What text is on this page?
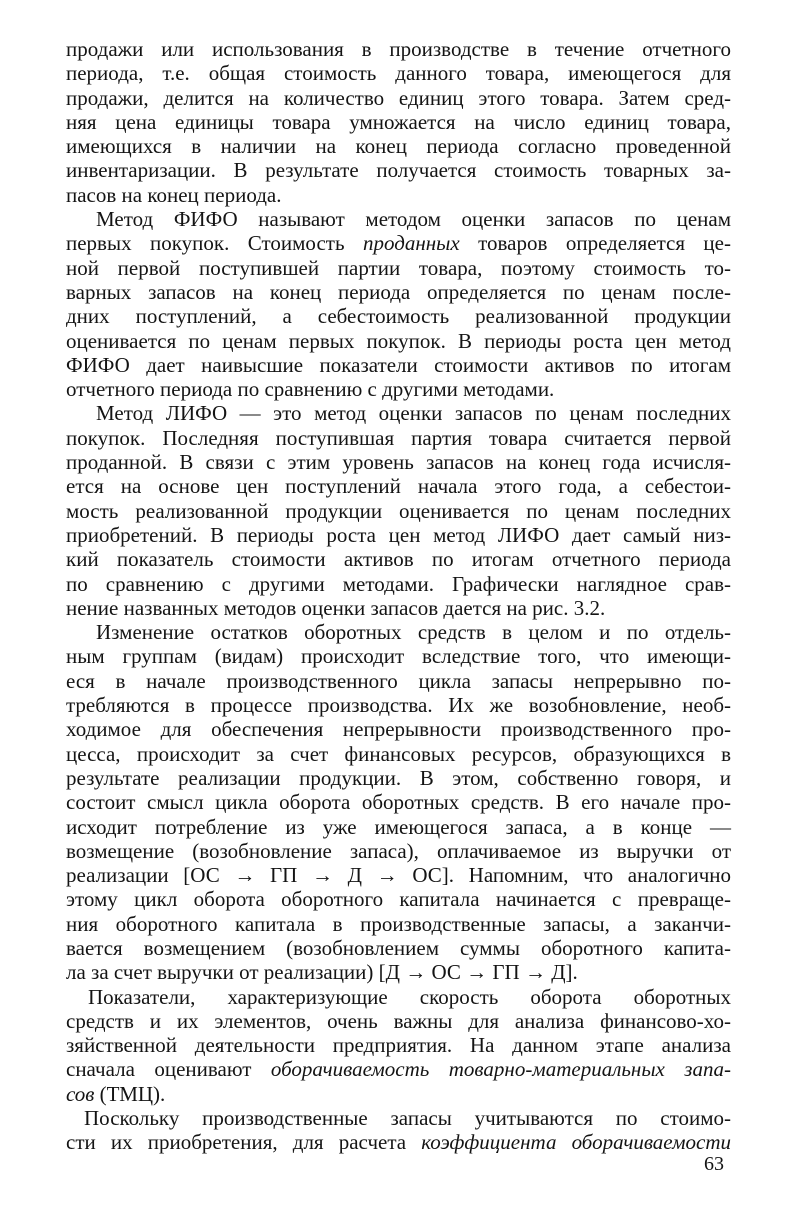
продажи или использования в производстве в течение отчетного
периода, т.е. общая стоимость данного товара, имеющегося для
продажи, делится на количество единиц этого товара. Затем сред-
няя цена единицы товара умножается на число единиц товара,
имеющихся в наличии на конец периода согласно проведенной
инвентаризации. В результате получается стоимость товарных за-
пасов на конец периода.
Метод ФИФО называют методом оценки запасов по ценам
первых покупок. Стоимость проданных товаров определяется це-
ной первой поступившей партии товара, поэтому стоимость то-
варных запасов на конец периода определяется по ценам после-
дних поступлений, а себестоимость реализованной продукции
оценивается по ценам первых покупок. В периоды роста цен метод
ФИФО дает наивысшие показатели стоимости активов по итогам
отчетного периода по сравнению с другими методами.
Метод ЛИФО — это метод оценки запасов по ценам последних
покупок. Последняя поступившая партия товара считается первой
проданной. В связи с этим уровень запасов на конец года исчисля-
ется на основе цен поступлений начала этого года, а себестои-
мость реализованной продукции оценивается по ценам последних
приобретений. В периоды роста цен метод ЛИФО дает самый низ-
кий показатель стоимости активов по итогам отчетного периода
по сравнению с другими методами. Графически наглядное срав-
нение названных методов оценки запасов дается на рис. 3.2.
Изменение остатков оборотных средств в целом и по отдель-
ным группам (видам) происходит вследствие того, что имеющи-
еся в начале производственного цикла запасы непрерывно по-
требляются в процессе производства. Их же возобновление, необ-
ходимое для обеспечения непрерывности производственного про-
цесса, происходит за счет финансовых ресурсов, образующихся в
результате реализации продукции. В этом, собственно говоря, и
состоит смысл цикла оборота оборотных средств. В его начале про-
исходит потребление из уже имеющегося запаса, а в конце —
возмещение (возобновление запаса), оплачиваемое из выручки от
реализации [ОС → ГП → Д → ОС]. Напомним, что аналогично
этому цикл оборота оборотного капитала начинается с превраще-
ния оборотного капитала в производственные запасы, а заканчи-
вается возмещением (возобновлением суммы оборотного капита-
ла за счет выручки от реализации) [Д → ОС → ГП → Д].
Показатели, характеризующие скорость оборота оборотных
средств и их элементов, очень важны для анализа финансово-хо-
зяйственной деятельности предприятия. На данном этапе анализа
сначала оценивают оборачиваемость товарно-материальных запа-
сов (ТМЦ).
Поскольку производственные запасы учитываются по стоимо-
сти их приобретения, для расчета коэффициента оборачиваемости
63
